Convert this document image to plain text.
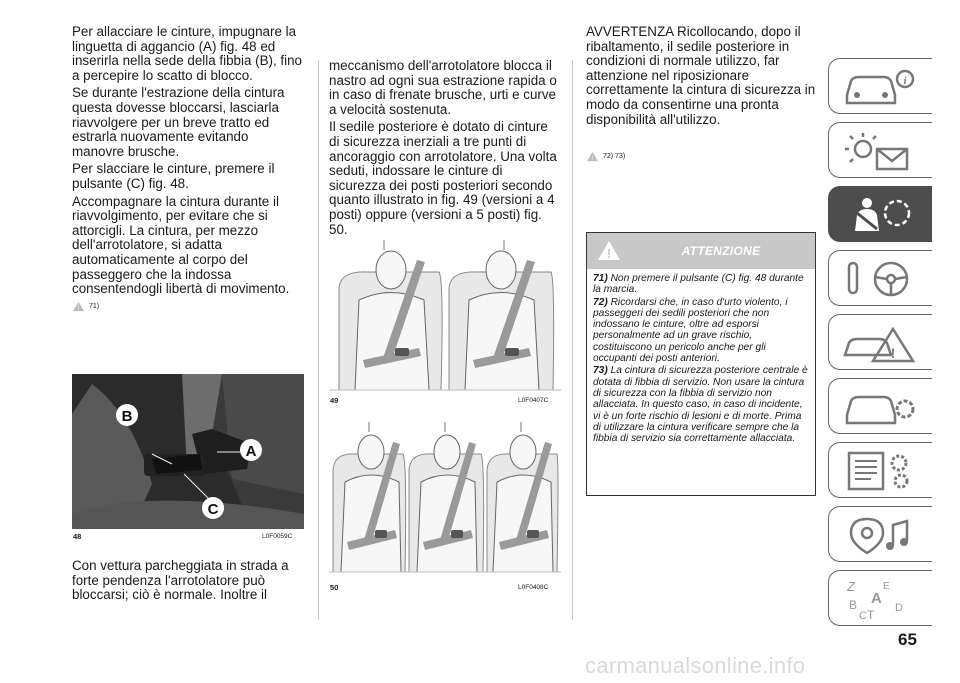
Per allacciare le cinture, impugnare la linguetta di aggancio (A) fig. 48 ed inserirla nella sede della fibbia (B), fino a percepire lo scatto di blocco.

Se durante l'estrazione della cintura questa dovesse bloccarsi, lasciarla riavvolgere per un breve tratto ed estrarla nuovamente evitando manovre brusche.

Per slacciare le cinture, premere il pulsante (C) fig. 48.

Accompagnare la cintura durante il riavvolgimento, per evitare che si attorcigli. La cintura, per mezzo dell'arrotolatore, si adatta automaticamente al corpo del passeggero che la indossa consentendogli libertà di movimento.

! 71)
B
A
C
48	L0F0059C

Con vettura parcheggiata in strada a forte pendenza l'arrotolatore può bloccarsi; ciò è normale. Inoltre il

meccanismo dell'arrotolatore blocca il nastro ad ogni sua estrazione rapida o in caso di frenate brusche, urti e curve a velocità sostenuta.

Il sedile posteriore è dotato di cinture di sicurezza inerziali a tre punti di ancoraggio con arrotolatore. Una volta seduti, indossare le cinture di sicurezza dei posti posteriori secondo quanto illustrato in fig. 49 (versioni a 4 posti) oppure (versioni a 5 posti) fig. 50.

49	L0F0407C
50	L0F0408C

AVVERTENZA Ricollocando, dopo il ribaltamento, il sedile posteriore in condizioni di normale utilizzo, far attenzione nel riposizionare correttamente la cintura di sicurezza in modo da consentirne una pronta disponibilità all'utilizzo.

! 72) 73)
!	ATTENZIONE

71) Non premere il pulsante (C) fig. 48 durante la marcia.

72) Ricordarsi che, in caso d'urto violento, i passeggeri dei sedili posteriori che non indossano le cinture, oltre ad esporsi personalmente ad un grave rischio, costituiscono un pericolo anche per gli occupanti dei posti anteriori.

73) La cintura di sicurezza posteriore centrale è dotata di fibbia di servizio. Non usare la cintura di sicurezza con la fibbia di servizio non allacciata. In questo caso, in caso di incidente, vi è un forte rischio di lesioni e di morte. Prima di utilizzare la cintura verificare sempre che la fibbia di servizio sia correttamente allacciata.

i
!
Z	E
A
B
C T D
65
carmanualsonline.info
